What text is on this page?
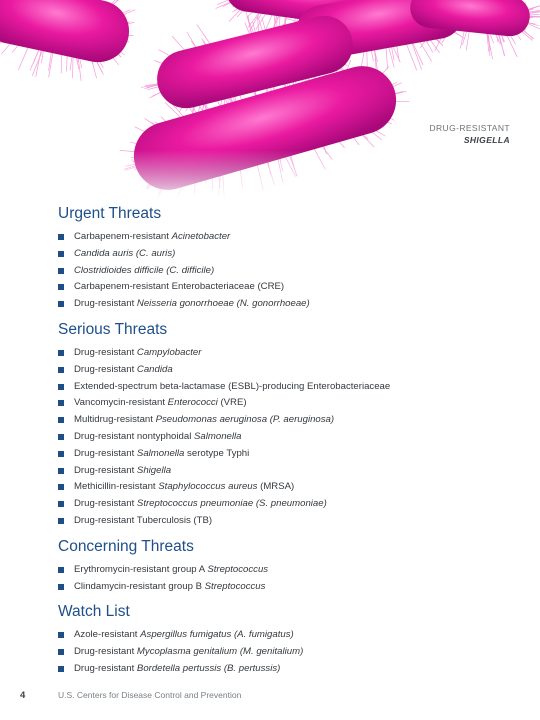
DRUG-RESISTANT
SHIGELLA
Urgent Threats
Carbapenem-resistant Acinetobacter
Candida auris (C. auris)
Clostridioides difficile (C. difficile)
Carbapenem-resistant Enterobacteriaceae (CRE)
Drug-resistant Neisseria gonorrhoeae (N. gonorrhoeae)
Serious Threats
Drug-resistant Campylobacter
Drug-resistant Candida
Extended-spectrum beta-lactamase (ESBL)-producing Enterobacteriaceae
Vancomycin-resistant Enterococci (VRE)
Multidrug-resistant Pseudomonas aeruginosa (P. aeruginosa)
Drug-resistant nontyphoidal Salmonella
Drug-resistant Salmonella serotype Typhi
Drug-resistant Shigella
Methicillin-resistant Staphylococcus aureus (MRSA)
Drug-resistant Streptococcus pneumoniae (S. pneumoniae)
Drug-resistant Tuberculosis (TB)
Concerning Threats
Erythromycin-resistant group A Streptococcus
Clindamycin-resistant group B Streptococcus
Watch List
Azole-resistant Aspergillus fumigatus (A. fumigatus)
Drug-resistant Mycoplasma genitalium (M. genitalium)
Drug-resistant Bordetella pertussis (B. pertussis)
4	U.S. Centers for Disease Control and Prevention
